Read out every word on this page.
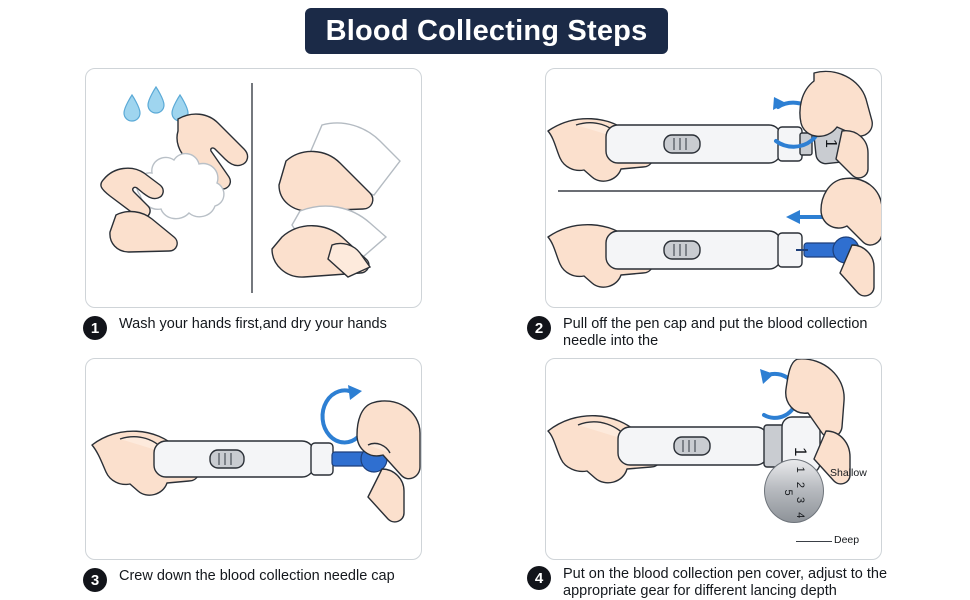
Blood Collecting Steps
1	Wash your hands first,and dry your hands
1
2	Pull off the pen cap and put the blood collection needle into the
3	Crew down the blood collection needle cap
1
1 2 3 4 5
Shallow
Deep
4	Put on the blood collection pen cover, adjust to the appropriate gear for different lancing depth
